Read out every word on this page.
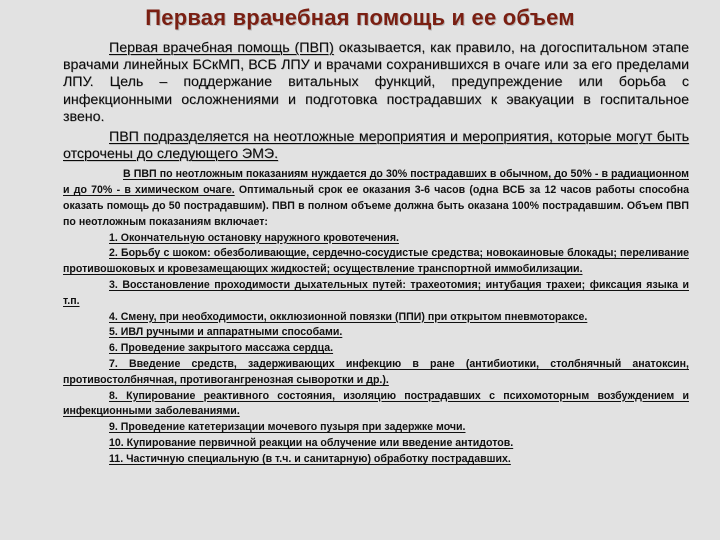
Первая врачебная помощь и ее объем

Первая врачебная помощь (ПВП) оказывается, как правило, на догоспитальном этапе врачами линейных БСкМП, ВСБ ЛПУ и врачами сохранившихся в очаге или за его пределами ЛПУ. Цель – поддержание витальных функций, предупреждение или борьба с инфекционными осложнениями и подготовка пострадавших к эвакуации в госпитальное звено.

ПВП подразделяется на неотложные мероприятия и мероприятия, которые могут быть отсрочены до следующего ЭМЭ.

В ПВП по неотложным показаниям нуждается до 30% пострадавших в обычном, до 50% - в радиационном и до 70% - в химическом очаге. Оптимальный срок ее оказания 3-6 часов (одна ВСБ за 12 часов работы способна оказать помощь до 50 пострадавшим). ПВП в полном объеме должна быть оказана 100% пострадавшим. Объем ПВП по неотложным показаниям включает:

1. Окончательную остановку наружного кровотечения.
2. Борьбу с шоком: обезболивающие, сердечно-сосудистые средства; новокаиновые блокады; переливание противошоковых и кровезамещающих жидкостей; осуществление транспортной иммобилизации.
3. Восстановление проходимости дыхательных путей: трахеотомия; интубация трахеи; фиксация языка и т.п.
4. Смену, при необходимости, окклюзионной повязки (ППИ) при открытом пневмотораксе.
5. ИВЛ ручными и аппаратными способами.
6. Проведение закрытого массажа сердца.
7. Введение средств, задерживающих инфекцию в ране (антибиотики, столбнячный анатоксин, противостолбнячная, противогангренозная сыворотки и др.).
8. Купирование реактивного состояния, изоляцию пострадавших с психомоторным возбуждением и инфекционными заболеваниями.
9. Проведение катетеризации мочевого пузыря при задержке мочи.
10. Купирование первичной реакции на облучение или введение антидотов.
11. Частичную специальную (в т.ч. и санитарную) обработку пострадавших.
